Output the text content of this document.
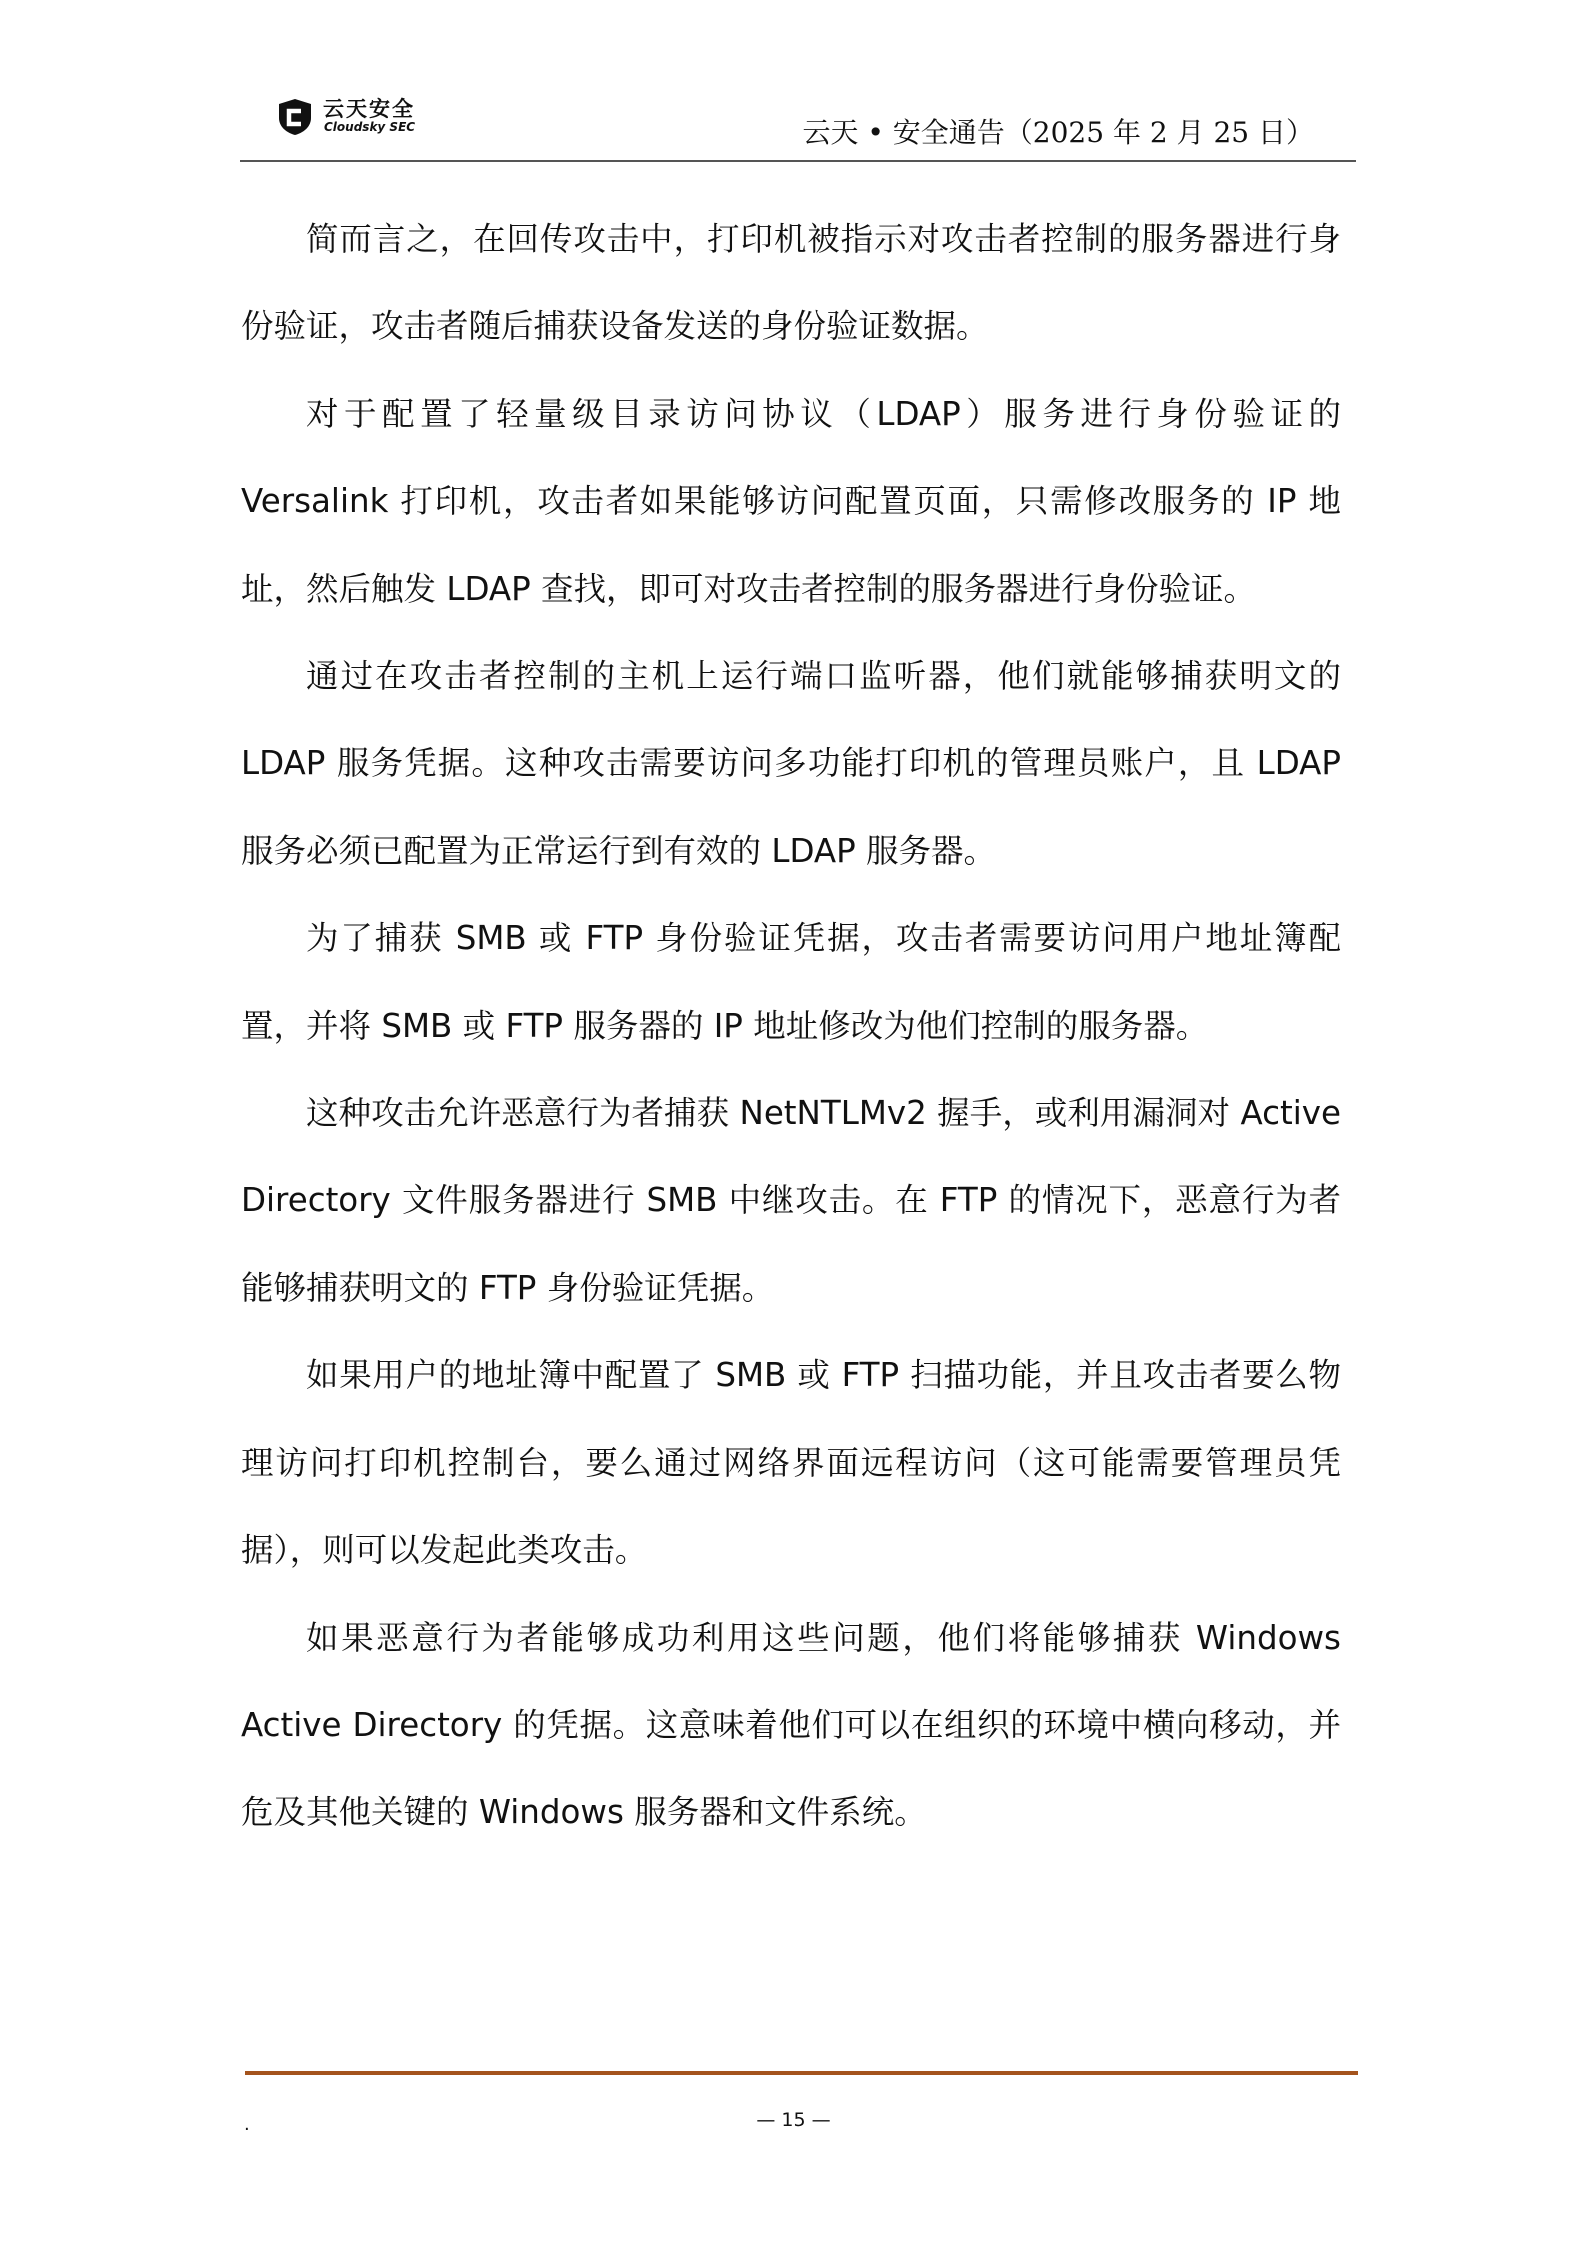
云天安全
Cloudsky SEC	云天 • 安全通告（2025 年 2 月 25 日）

简而言之，在回传攻击中，打印机被指示对攻击者控制的服务器进行身份验证，攻击者随后捕获设备发送的身份验证数据。

对于配置了轻量级目录访问协议（LDAP）服务进行身份验证的 Versalink 打印机，攻击者如果能够访问配置页面，只需修改服务的 IP 地址，然后触发 LDAP 查找，即可对攻击者控制的服务器进行身份验证。

通过在攻击者控制的主机上运行端口监听器，他们就能够捕获明文的 LDAP 服务凭据。这种攻击需要访问多功能打印机的管理员账户，且 LDAP 服务必须已配置为正常运行到有效的 LDAP 服务器。

为了捕获 SMB 或 FTP 身份验证凭据，攻击者需要访问用户地址簿配置，并将 SMB 或 FTP 服务器的 IP 地址修改为他们控制的服务器。

这种攻击允许恶意行为者捕获 NetNTLMv2 握手，或利用漏洞对 Active Directory 文件服务器进行 SMB 中继攻击。在 FTP 的情况下，恶意行为者能够捕获明文的 FTP 身份验证凭据。

如果用户的地址簿中配置了 SMB 或 FTP 扫描功能，并且攻击者要么物理访问打印机控制台，要么通过网络界面远程访问（这可能需要管理员凭据），则可以发起此类攻击。

如果恶意行为者能够成功利用这些问题，他们将能够捕获 Windows Active Directory 的凭据。这意味着他们可以在组织的环境中横向移动，并危及其他关键的 Windows 服务器和文件系统。

.	— 15 —
